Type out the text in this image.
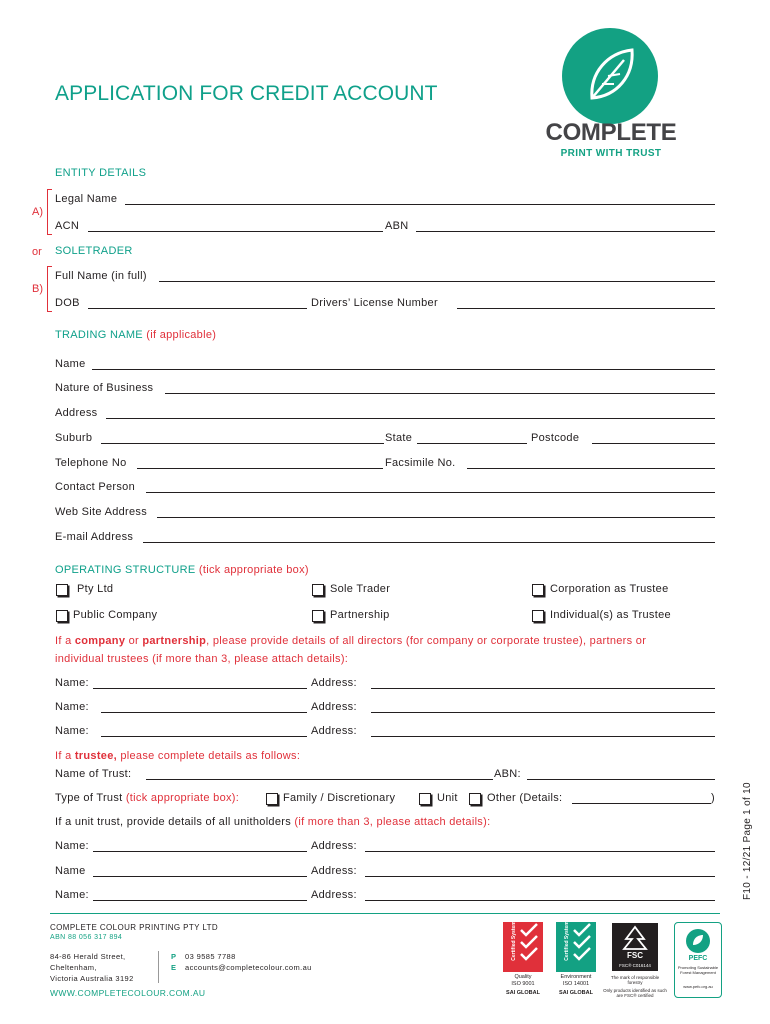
APPLICATION FOR CREDIT ACCOUNT
COMPLETE
PRINT WITH TRUST
ENTITY DETAILS
A)
Legal Name
ACN	ABN
or SOLETRADER
B)
Full Name (in full)
DOB	Drivers’ License Number
TRADING NAME (if applicable)
Name
Nature of Business
Address
Suburb	State	Postcode
Telephone No	Facsimile No.
Contact Person
Web Site Address
E-mail Address
OPERATING STRUCTURE (tick appropriate box)
Pty Ltd	Sole Trader	Corporation as Trustee
Public Company	Partnership	Individual(s) as Trustee
If a company or partnership, please provide details of all directors (for company or corporate trustee), partners or
individual trustees (if more than 3, please attach details):
Name:	Address:
Name:	Address:
Name:	Address:
If a trustee, please complete details as follows:
Name of Trust:	ABN:
Type of Trust (tick appropriate box):	Family / Discretionary	Unit	Other (Details:	)
If a unit trust, provide details of all unitholders (if more than 3, please attach details):
Name:	Address:
Name	Address:
Name:	Address:	F10 - 12/21 Page 1 of 10
COMPLETE COLOUR PRINTING PTY LTD
ABN 88 056 317 894
84-86 Herald Street,
Cheltenham,
Victoria Australia 3192
P 03 9585 7788
E accounts@completecolour.com.au
WWW.COMPLETECOLOUR.COM.AU
Certified System
Quality
ISO 9001
SAI GLOBAL
Certified System
Environment
ISO 14001
SAI GLOBAL
FSC
FSC® C016144
The mark of responsible forestry
Only products identified as such are FSC® certified
PEFC
Promoting Sustainable Forest Management
www.pefc.org.au
